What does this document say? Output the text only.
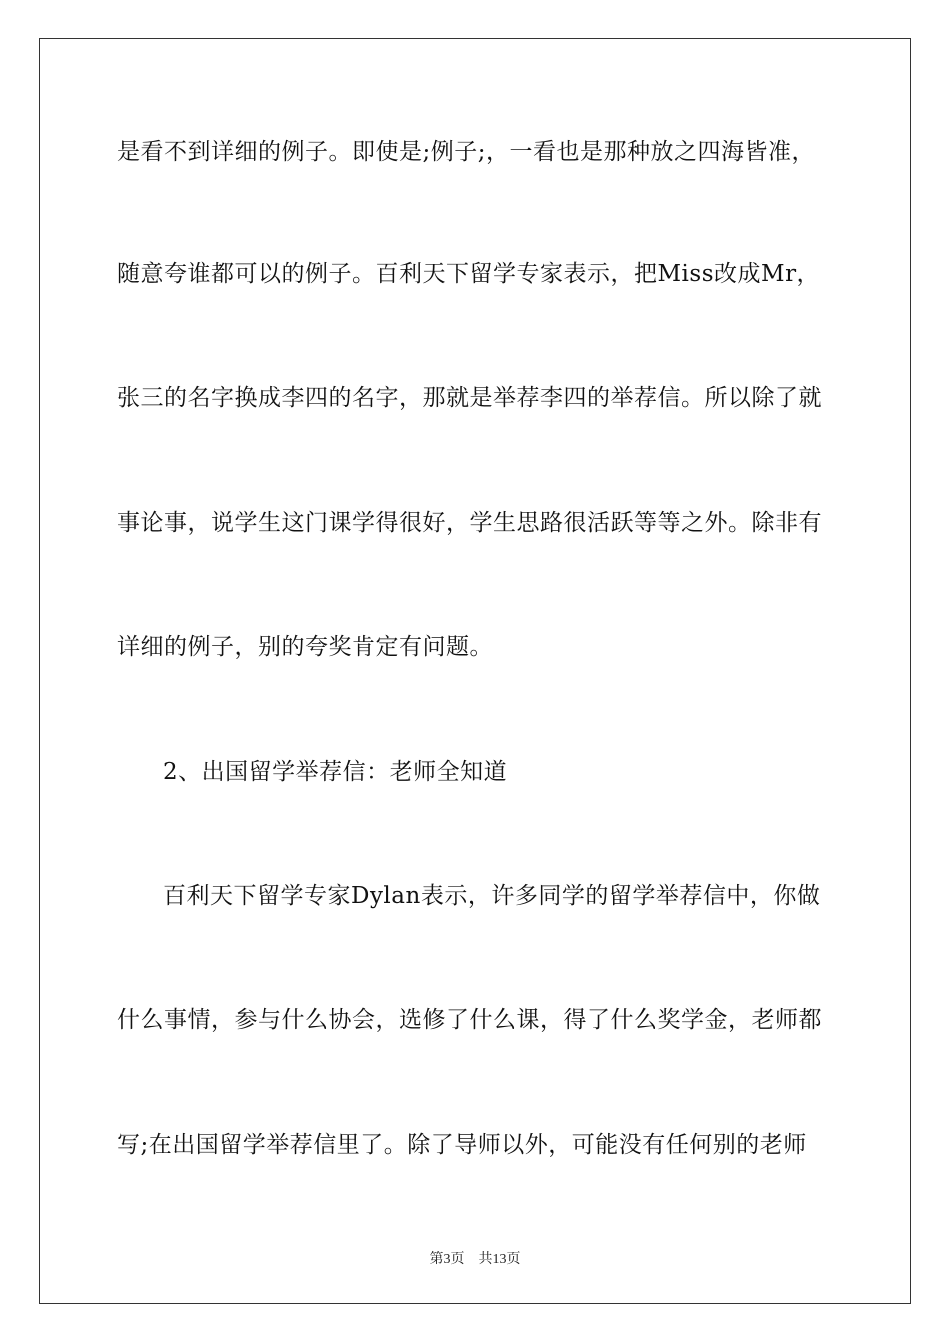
是看不到详细的例子。即使是;例子;，一看也是那种放之四海皆准，
随意夸谁都可以的例子。百利天下留学专家表示，把Miss改成Mr，
张三的名字换成李四的名字，那就是举荐李四的举荐信。所以除了就
事论事，说学生这门课学得很好，学生思路很活跃等等之外。除非有
详细的例子，别的夸奖肯定有问题。
2、出国留学举荐信：老师全知道
百利天下留学专家Dylan表示，许多同学的留学举荐信中，你做
什么事情，参与什么协会，选修了什么课，得了什么奖学金，老师都
写;在出国留学举荐信里了。除了导师以外，可能没有任何别的老师
第3页　共13页
